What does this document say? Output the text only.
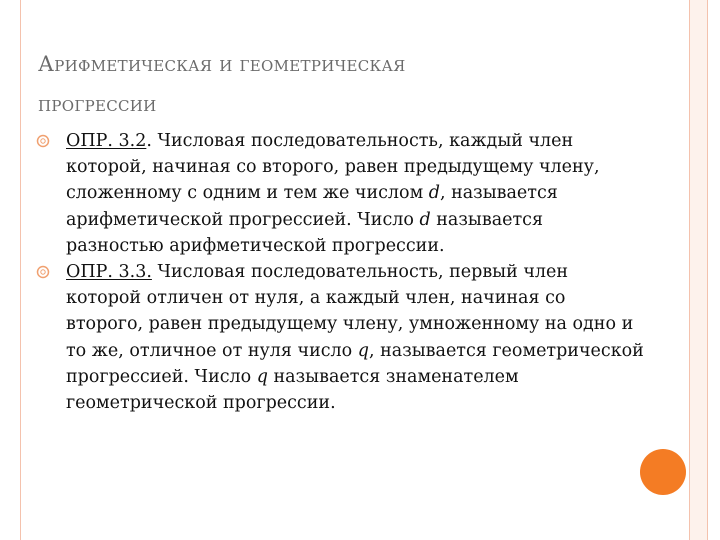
Арифметическая и геометрическая
прогрессии
ОПР. 3.2. Числовая последовательность, каждый член которой, начиная со второго, равен предыдущему члену, сложенному с одним и тем же числом d, называется арифметической прогрессией. Число d называется разностью арифметической прогрессии.
ОПР. 3.3. Числовая последовательность, первый член которой отличен от нуля, а каждый член, начиная со второго, равен предыдущему члену, умноженному на одно и то же, отличное от нуля число q, называется геометрической прогрессией. Число q называется знаменателем геометрической прогрессии.
